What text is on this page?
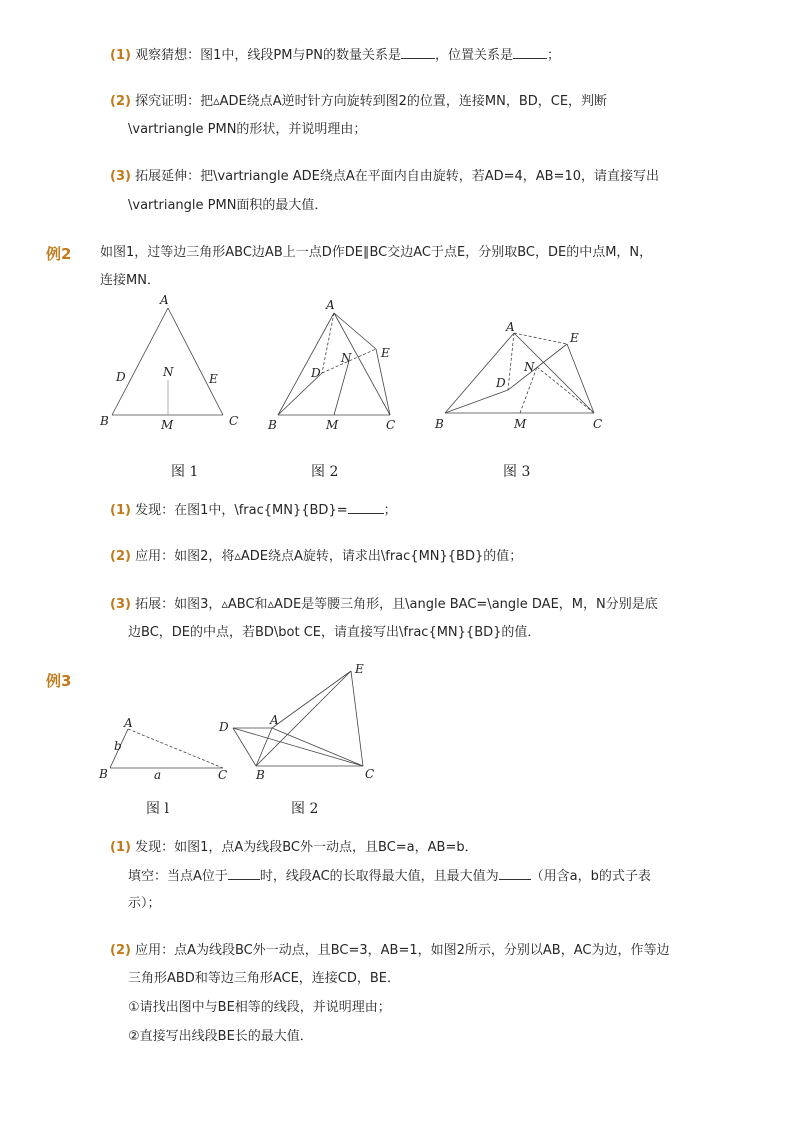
(1) 观察猜想：图1中，线段PM与PN的数量关系是	，位置关系是	；
(2) 探究证明：把▵ADE绕点A逆时针方向旋转到图2的位置，连接MN，BD，CE，判断
\vartriangle PMN的形状，并说明理由；
(3) 拓展延伸：把\vartriangle ADE绕点A在平面内自由旋转，若AD=4，AB=10，请直接写出
\vartriangle PMN面积的最大值．
例2 如图1，过等边三角形ABC边AB上一点D作DE∥BC交边AC于点E，分别取BC，DE的中点M，N，
连接MN．
A
D	E
N
B	M	C
A
D
N E
B	M	C
A
E
N
D
B	M	C
图 1	图 2	图 3
(1) 发现：在图1中，\frac{MN}{BD}=	；
(2) 应用：如图2，将▵ADE绕点A旋转，请求出\frac{MN}{BD}的值；
(3) 拓展：如图3，▵ABC和▵ADE是等腰三角形，且\angle BAC=\angle DAE，M，N分别是底
边BC，DE的中点，若BD\bot CE，请直接写出\frac{MN}{BD}的值．
例3
A
b
B	a	C
D	A
E
B	C
图 l	图 2
(1) 发现：如图1，点A为线段BC外一动点，且BC=a，AB=b．
填空：当点A位于 时，线段AC的长取得最大值，且最大值为 （用含a，b的式子表
示）；
(2) 应用：点A为线段BC外一动点，且BC=3，AB=1，如图2所示，分别以AB，AC为边，作等边
三角形ABD和等边三角形ACE，连接CD，BE．
①请找出图中与BE相等的线段，并说明理由；
②直接写出线段BE长的最大值．
